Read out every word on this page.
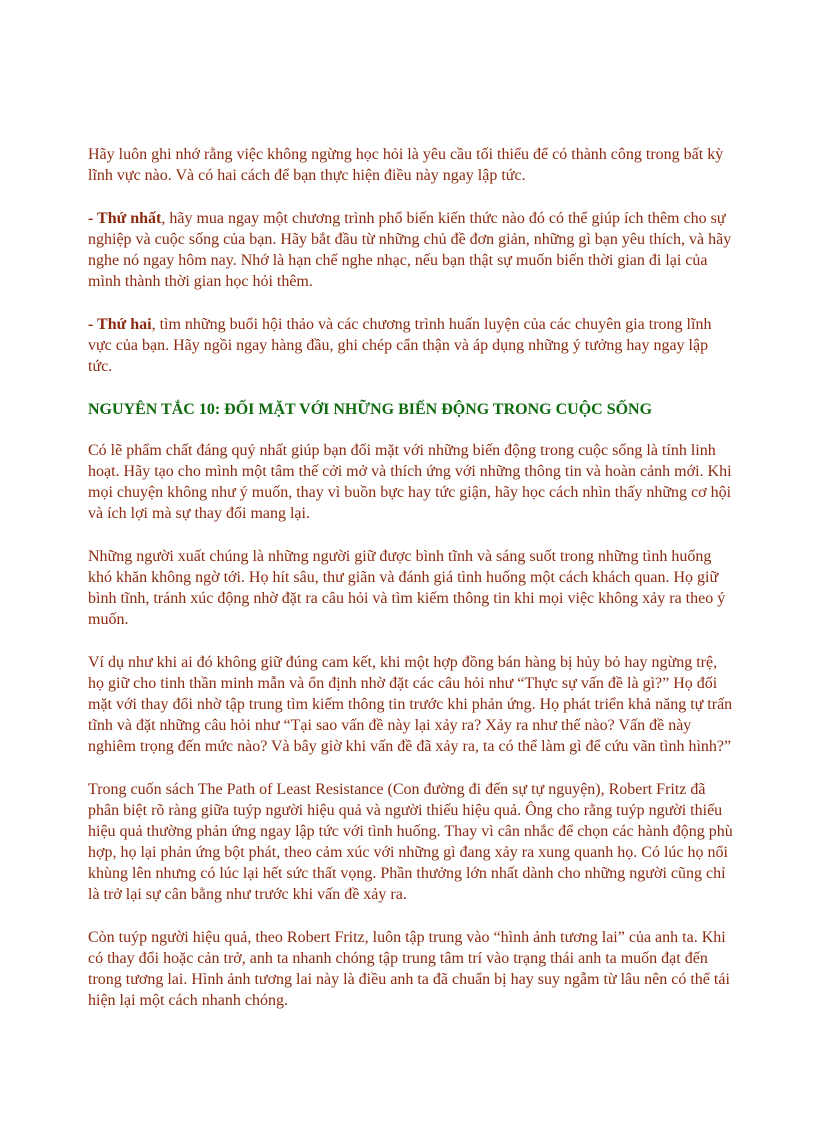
Hãy luôn ghi nhớ rằng việc không ngừng học hỏi là yêu cầu tối thiểu để có thành công trong bất kỳ lĩnh vực nào. Và có hai cách để bạn thực hiện điều này ngay lập tức.

- Thứ nhất, hãy mua ngay một chương trình phổ biến kiến thức nào đó có thể giúp ích thêm cho sự nghiệp và cuộc sống của bạn. Hãy bắt đầu từ những chủ đề đơn giản, những gì bạn yêu thích, và hãy nghe nó ngay hôm nay. Nhớ là hạn chế nghe nhạc, nếu bạn thật sự muốn biến thời gian đi lại của mình thành thời gian học hỏi thêm.

- Thứ hai, tìm những buổi hội thảo và các chương trình huấn luyện của các chuyên gia trong lĩnh vực của bạn. Hãy ngồi ngay hàng đầu, ghi chép cẩn thận và áp dụng những ý tưởng hay ngay lập tức.

NGUYÊN TẮC 10: ĐỐI MẶT VỚI NHỮNG BIẾN ĐỘNG TRONG CUỘC SỐNG

Có lẽ phẩm chất đáng quý nhất giúp bạn đối mặt với những biến động trong cuộc sống là tính linh hoạt. Hãy tạo cho mình một tâm thế cởi mở và thích ứng với những thông tin và hoàn cảnh mới. Khi mọi chuyện không như ý muốn, thay vì buồn bực hay tức giận, hãy học cách nhìn thấy những cơ hội và ích lợi mà sự thay đổi mang lại.

Những người xuất chúng là những người giữ được bình tĩnh và sáng suốt trong những tình huống khó khăn không ngờ tới. Họ hít sâu, thư giãn và đánh giá tình huống một cách khách quan. Họ giữ bình tĩnh, tránh xúc động nhờ đặt ra câu hỏi và tìm kiếm thông tin khi mọi việc không xảy ra theo ý muốn.

Ví dụ như khi ai đó không giữ đúng cam kết, khi một hợp đồng bán hàng bị hủy bỏ hay ngừng trệ, họ giữ cho tinh thần minh mẫn và ổn định nhờ đặt các câu hỏi như “Thực sự vấn đề là gì?” Họ đối mặt với thay đổi nhờ tập trung tìm kiếm thông tin trước khi phản ứng. Họ phát triển khả năng tự trấn tĩnh và đặt những câu hỏi như “Tại sao vấn đề này lại xảy ra? Xảy ra như thế nào? Vấn đề này nghiêm trọng đến mức nào? Và bây giờ khi vấn đề đã xảy ra, ta có thể làm gì để cứu vãn tình hình?”

Trong cuốn sách The Path of Least Resistance (Con đường đi đến sự tự nguyện), Robert Fritz đã phân biệt rõ ràng giữa tuýp người hiệu quả và người thiếu hiệu quả. Ông cho rằng tuýp người thiếu hiệu quả thường phản ứng ngay lập tức với tình huống. Thay vì cân nhắc để chọn các hành động phù hợp, họ lại phản ứng bột phát, theo cảm xúc với những gì đang xảy ra xung quanh họ. Có lúc họ nổi khùng lên nhưng có lúc lại hết sức thất vọng. Phần thưởng lớn nhất dành cho những người cũng chỉ là trở lại sự cân bằng như trước khi vấn đề xảy ra.

Còn tuýp người hiệu quả, theo Robert Fritz, luôn tập trung vào “hình ảnh tương lai” của anh ta. Khi có thay đổi hoặc cản trở, anh ta nhanh chóng tập trung tâm trí vào trạng thái anh ta muốn đạt đến trong tương lai. Hình ảnh tương lai này là điều anh ta đã chuẩn bị hay suy ngẫm từ lâu nên có thể tái hiện lại một cách nhanh chóng.
